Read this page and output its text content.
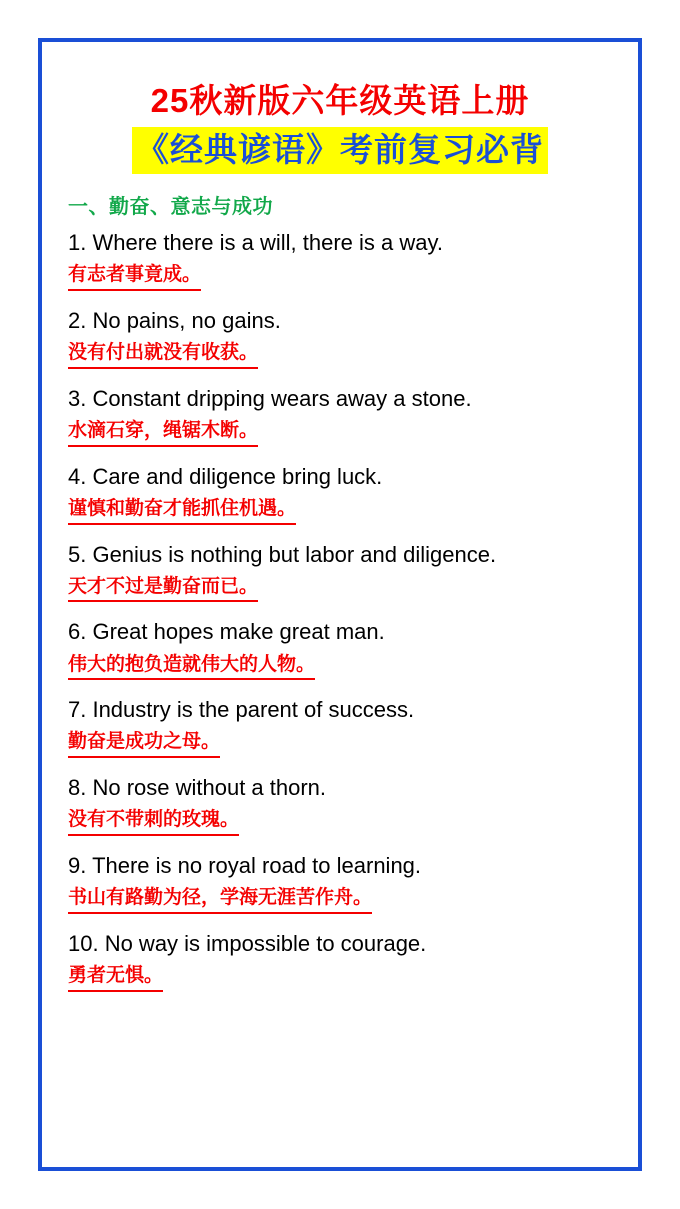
25秋新版六年级英语上册
《经典谚语》考前复习必背
一、勤奋、意志与成功
1. Where there is a will, there is a way.
有志者事竟成。
2. No pains, no gains.
没有付出就没有收获。
3. Constant dripping wears away a stone.
水滴石穿，绳锯木断。
4. Care and diligence bring luck.
谨慎和勤奋才能抓住机遇。
5. Genius is nothing but labor and diligence.
天才不过是勤奋而已。
6. Great hopes make great man.
伟大的抱负造就伟大的人物。
7. Industry is the parent of success.
勤奋是成功之母。
8. No rose without a thorn.
没有不带刺的玫瑰。
9. There is no royal road to learning.
书山有路勤为径，学海无涯苦作舟。
10. No way is impossible to courage.
勇者无惧。
